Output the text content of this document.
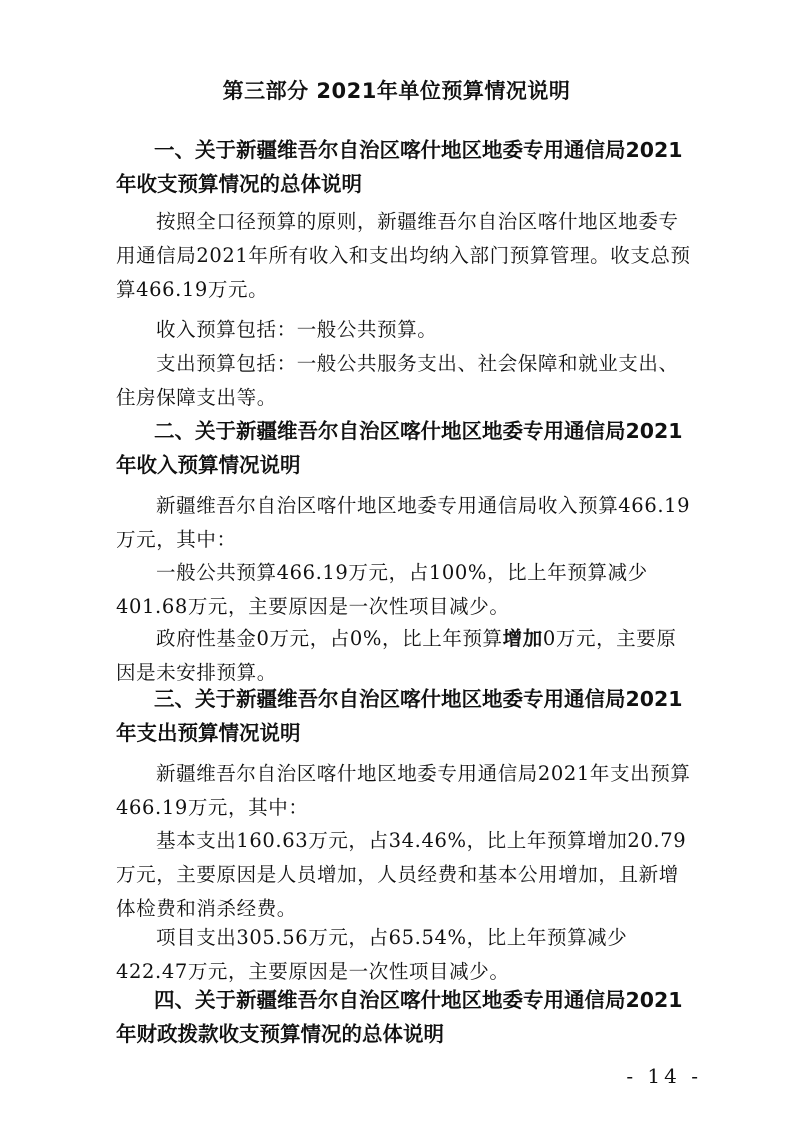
第三部分 2021年单位预算情况说明
一、关于新疆维吾尔自治区喀什地区地委专用通信局2021年收支预算情况的总体说明
按照全口径预算的原则，新疆维吾尔自治区喀什地区地委专用通信局2021年所有收入和支出均纳入部门预算管理。收支总预算466.19万元。
收入预算包括：一般公共预算。
支出预算包括：一般公共服务支出、社会保障和就业支出、住房保障支出等。
二、关于新疆维吾尔自治区喀什地区地委专用通信局2021年收入预算情况说明
新疆维吾尔自治区喀什地区地委专用通信局收入预算466.19万元，其中：
一般公共预算466.19万元，占100%，比上年预算减少401.68万元，主要原因是一次性项目减少。
政府性基金0万元，占0%，比上年预算增加0万元，主要原因是未安排预算。
三、关于新疆维吾尔自治区喀什地区地委专用通信局2021年支出预算情况说明
新疆维吾尔自治区喀什地区地委专用通信局2021年支出预算466.19万元，其中：
基本支出160.63万元，占34.46%，比上年预算增加20.79万元，主要原因是人员增加，人员经费和基本公用增加，且新增体检费和消杀经费。
项目支出305.56万元，占65.54%，比上年预算减少422.47万元，主要原因是一次性项目减少。
四、关于新疆维吾尔自治区喀什地区地委专用通信局2021年财政拨款收支预算情况的总体说明
- 14 -
